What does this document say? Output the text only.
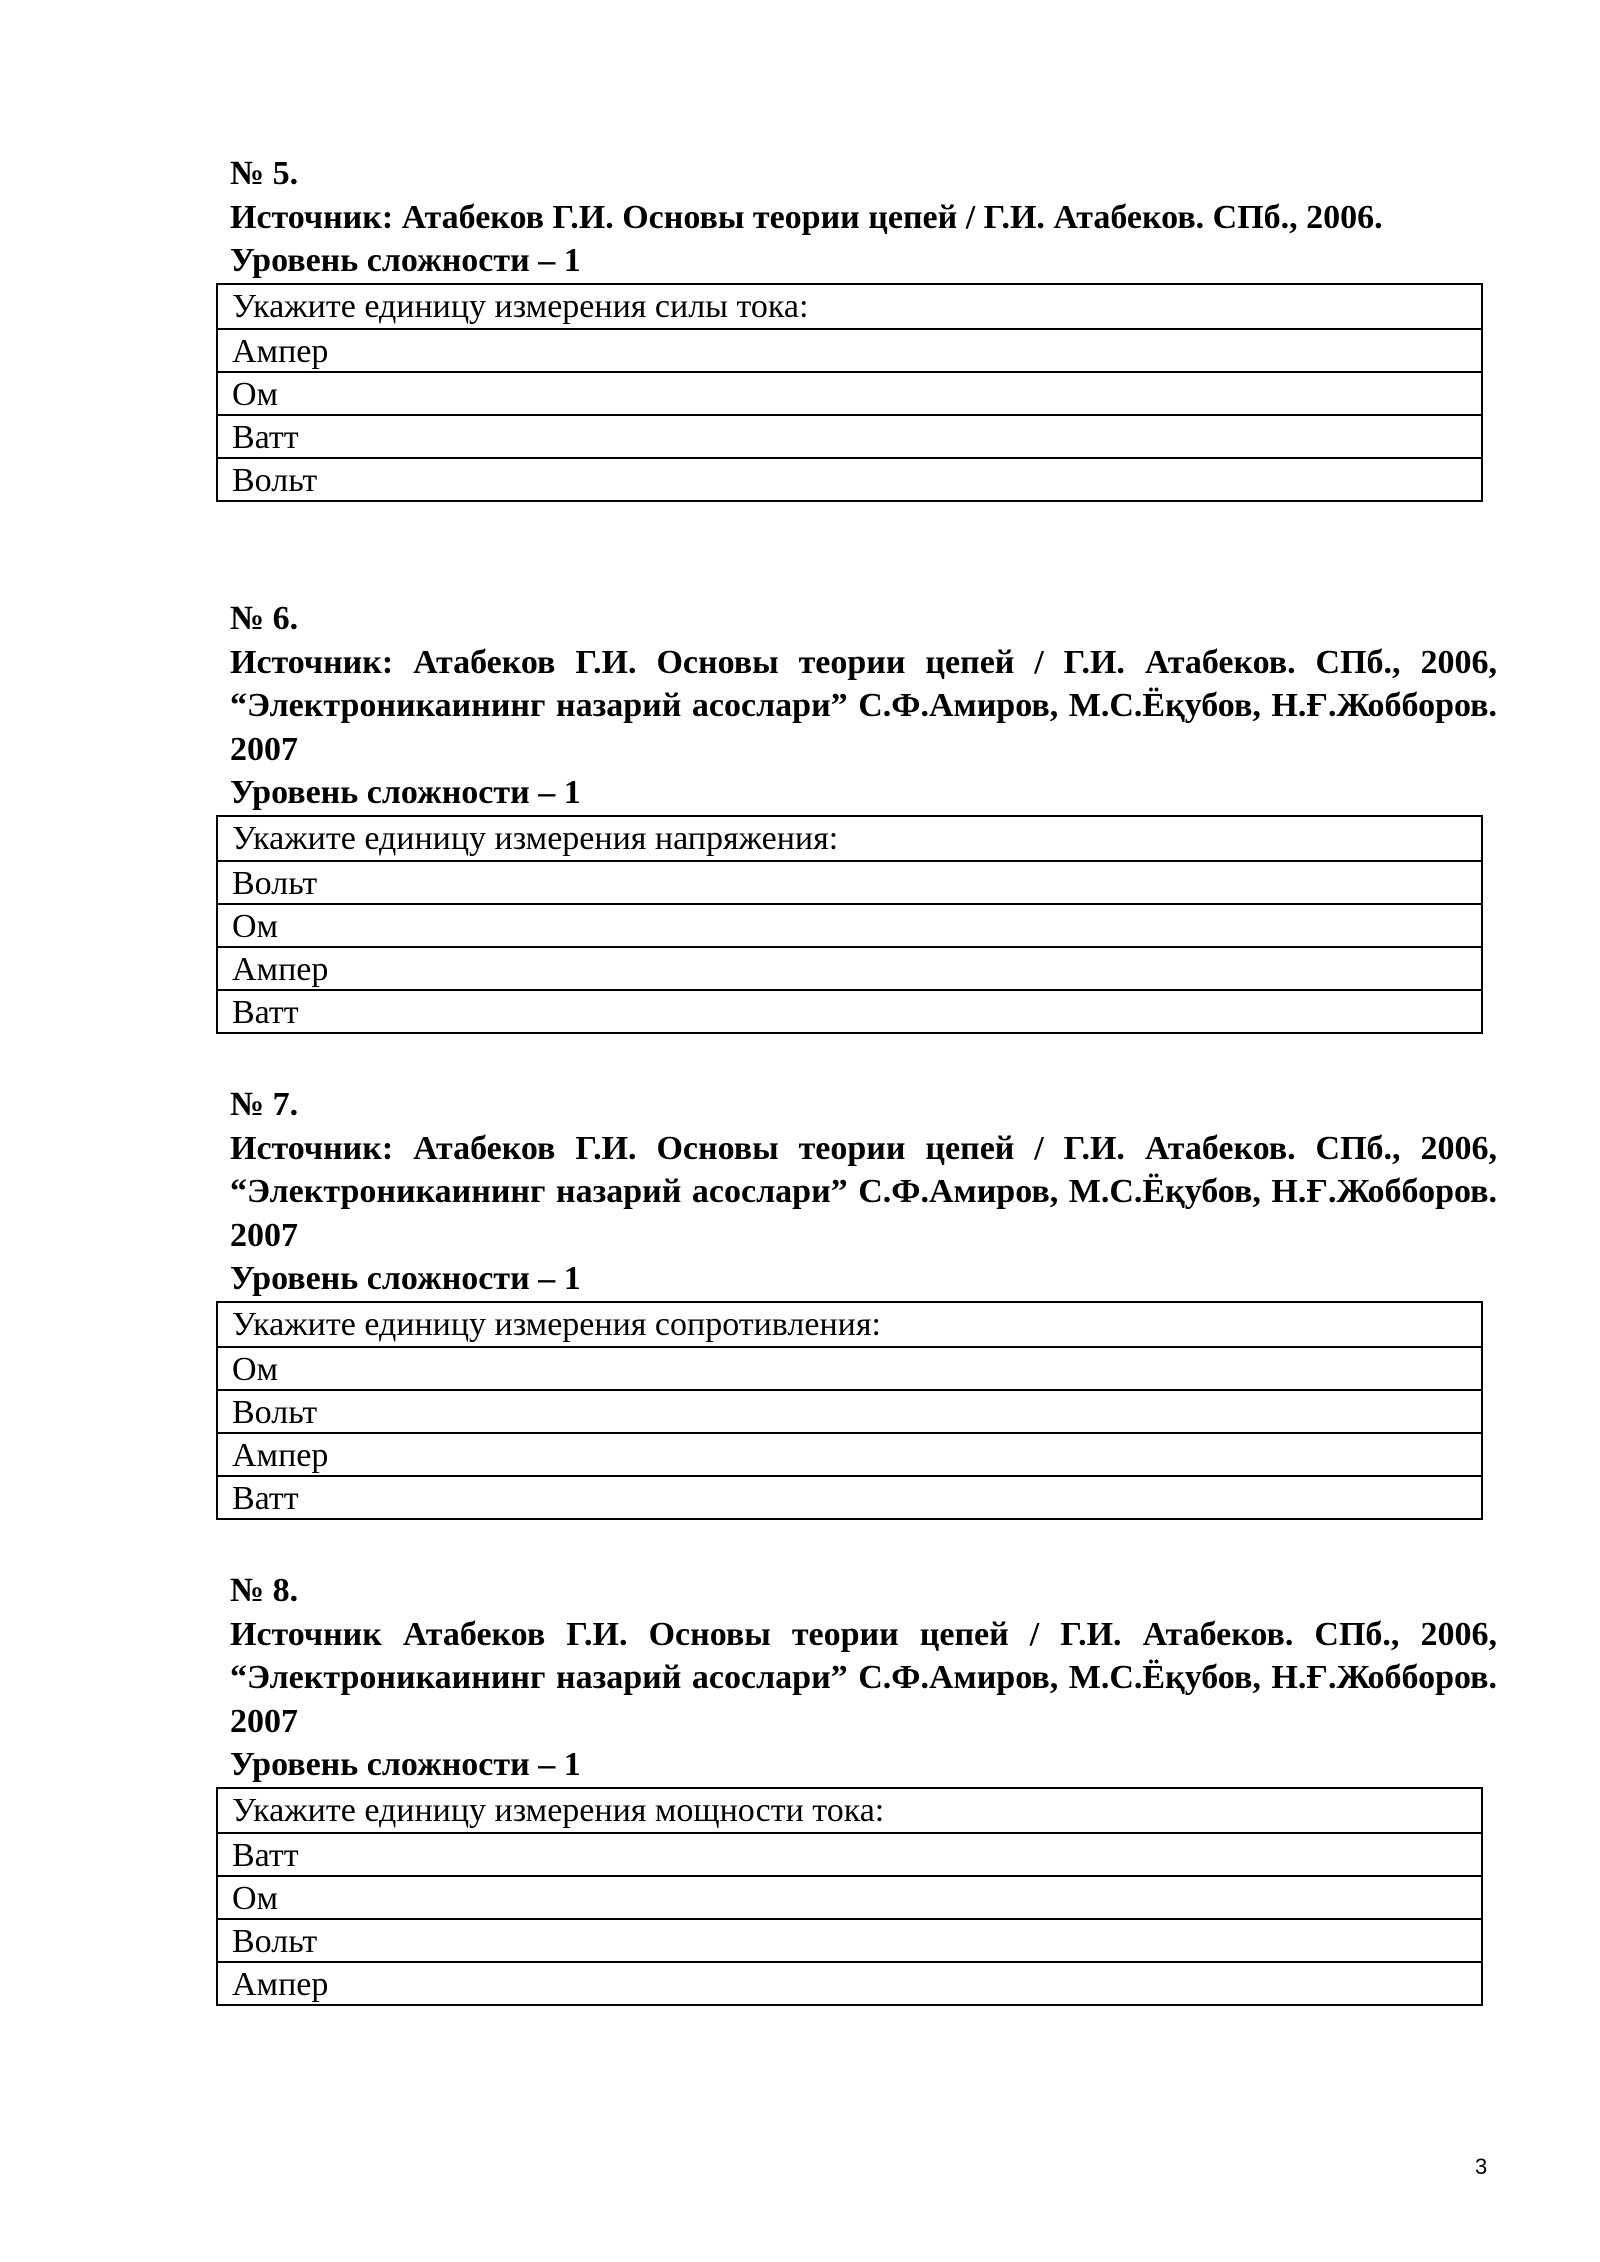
№ 5.

Источник: Атабеков Г.И. Основы теории цепей / Г.И. Атабеков. СПб., 2006.

Уровень сложности – 1

Укажите единицу измерения силы тока:
Ампер
Ом
Ватт
Вольт

№ 6.

Источник: Атабеков Г.И. Основы теории цепей / Г.И. Атабеков. СПб., 2006, “Электроникаининг назарий асослари” С.Ф.Амиров, М.С.Ёқубов, Н.Ғ.Жобборов. 2007

Уровень сложности – 1

Укажите единицу измерения напряжения:
Вольт
Ом
Ампер
Ватт

№ 7.

Источник: Атабеков Г.И. Основы теории цепей / Г.И. Атабеков. СПб., 2006, “Электроникаининг назарий асослари” С.Ф.Амиров, М.С.Ёқубов, Н.Ғ.Жобборов. 2007

Уровень сложности – 1

Укажите единицу измерения сопротивления:
Ом
Вольт
Ампер
Ватт

№ 8.

Источник Атабеков Г.И. Основы теории цепей / Г.И. Атабеков. СПб., 2006, “Электроникаининг назарий асослари” С.Ф.Амиров, М.С.Ёқубов, Н.Ғ.Жобборов. 2007

Уровень сложности – 1

Укажите единицу измерения мощности тока:
Ватт
Ом
Вольт
Ампер
3
